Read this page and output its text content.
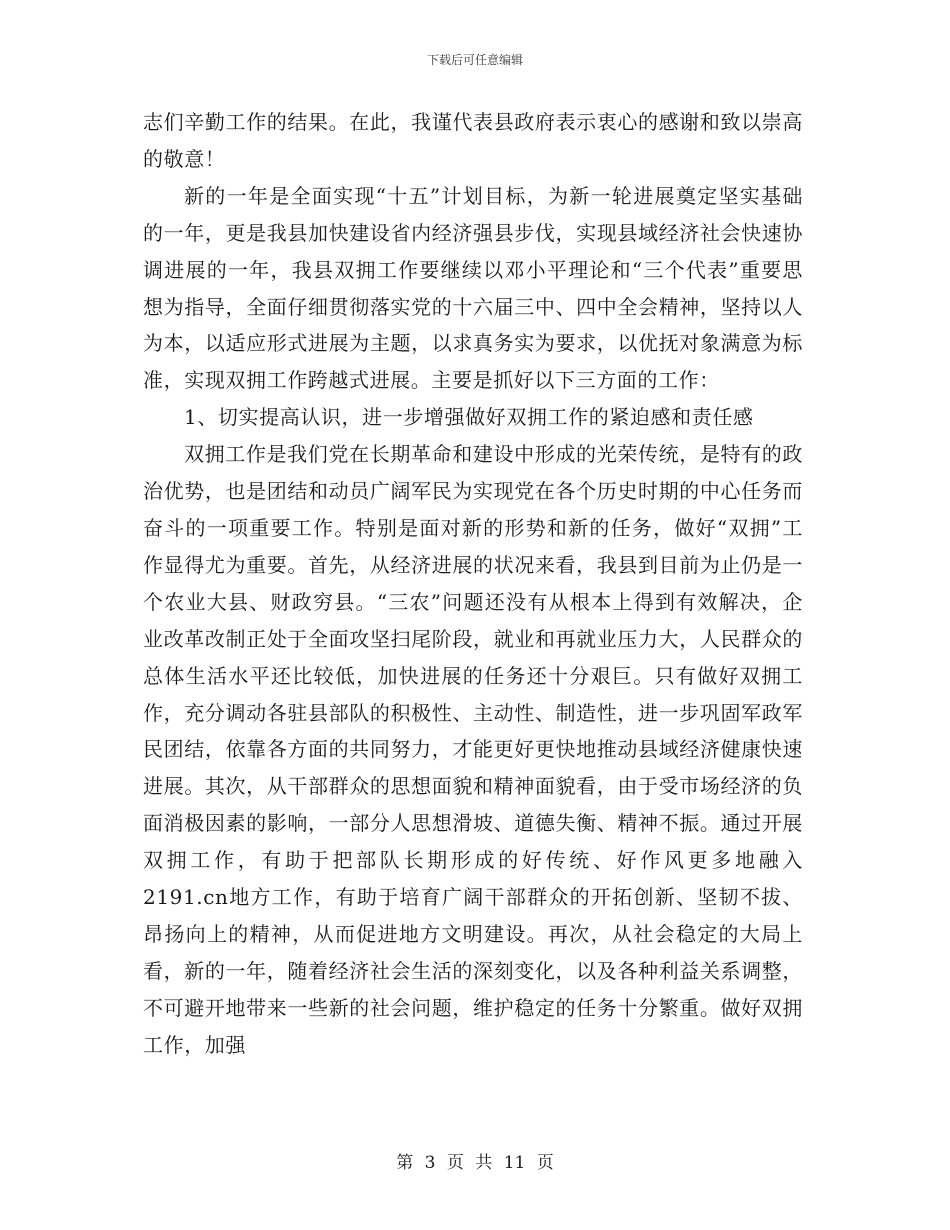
下载后可任意编辑

志们辛勤工作的结果。在此，我谨代表县政府表示衷心的感谢和致以崇高的敬意！

新的一年是全面实现“十五”计划目标，为新一轮进展奠定坚实基础的一年，更是我县加快建设省内经济强县步伐，实现县域经济社会快速协调进展的一年，我县双拥工作要继续以邓小平理论和“三个代表”重要思想为指导，全面仔细贯彻落实党的十六届三中、四中全会精神，坚持以人为本，以适应形式进展为主题，以求真务实为要求，以优抚对象满意为标准，实现双拥工作跨越式进展。主要是抓好以下三方面的工作：

1、切实提高认识，进一步增强做好双拥工作的紧迫感和责任感

双拥工作是我们党在长期革命和建设中形成的光荣传统，是特有的政治优势，也是团结和动员广阔军民为实现党在各个历史时期的中心任务而奋斗的一项重要工作。特别是面对新的形势和新的任务，做好“双拥”工作显得尤为重要。首先，从经济进展的状况来看，我县到目前为止仍是一个农业大县、财政穷县。“三农”问题还没有从根本上得到有效解决，企业改革改制正处于全面攻坚扫尾阶段，就业和再就业压力大，人民群众的总体生活水平还比较低，加快进展的任务还十分艰巨。只有做好双拥工作，充分调动各驻县部队的积极性、主动性、制造性，进一步巩固军政军民团结，依靠各方面的共同努力，才能更好更快地推动县域经济健康快速进展。其次，从干部群众的思想面貌和精神面貌看，由于受市场经济的负面消极因素的影响，一部分人思想滑坡、道德失衡、精神不振。通过开展双拥工作，有助于把部队长期形成的好传统、好作风更多地融入2191.cn地方工作，有助于培育广阔干部群众的开拓创新、坚韧不拔、昂扬向上的精神，从而促进地方文明建设。再次，从社会稳定的大局上看，新的一年，随着经济社会生活的深刻变化，以及各种利益关系调整，不可避开地带来一些新的社会问题，维护稳定的任务十分繁重。做好双拥工作，加强

第 3 页 共 11 页
